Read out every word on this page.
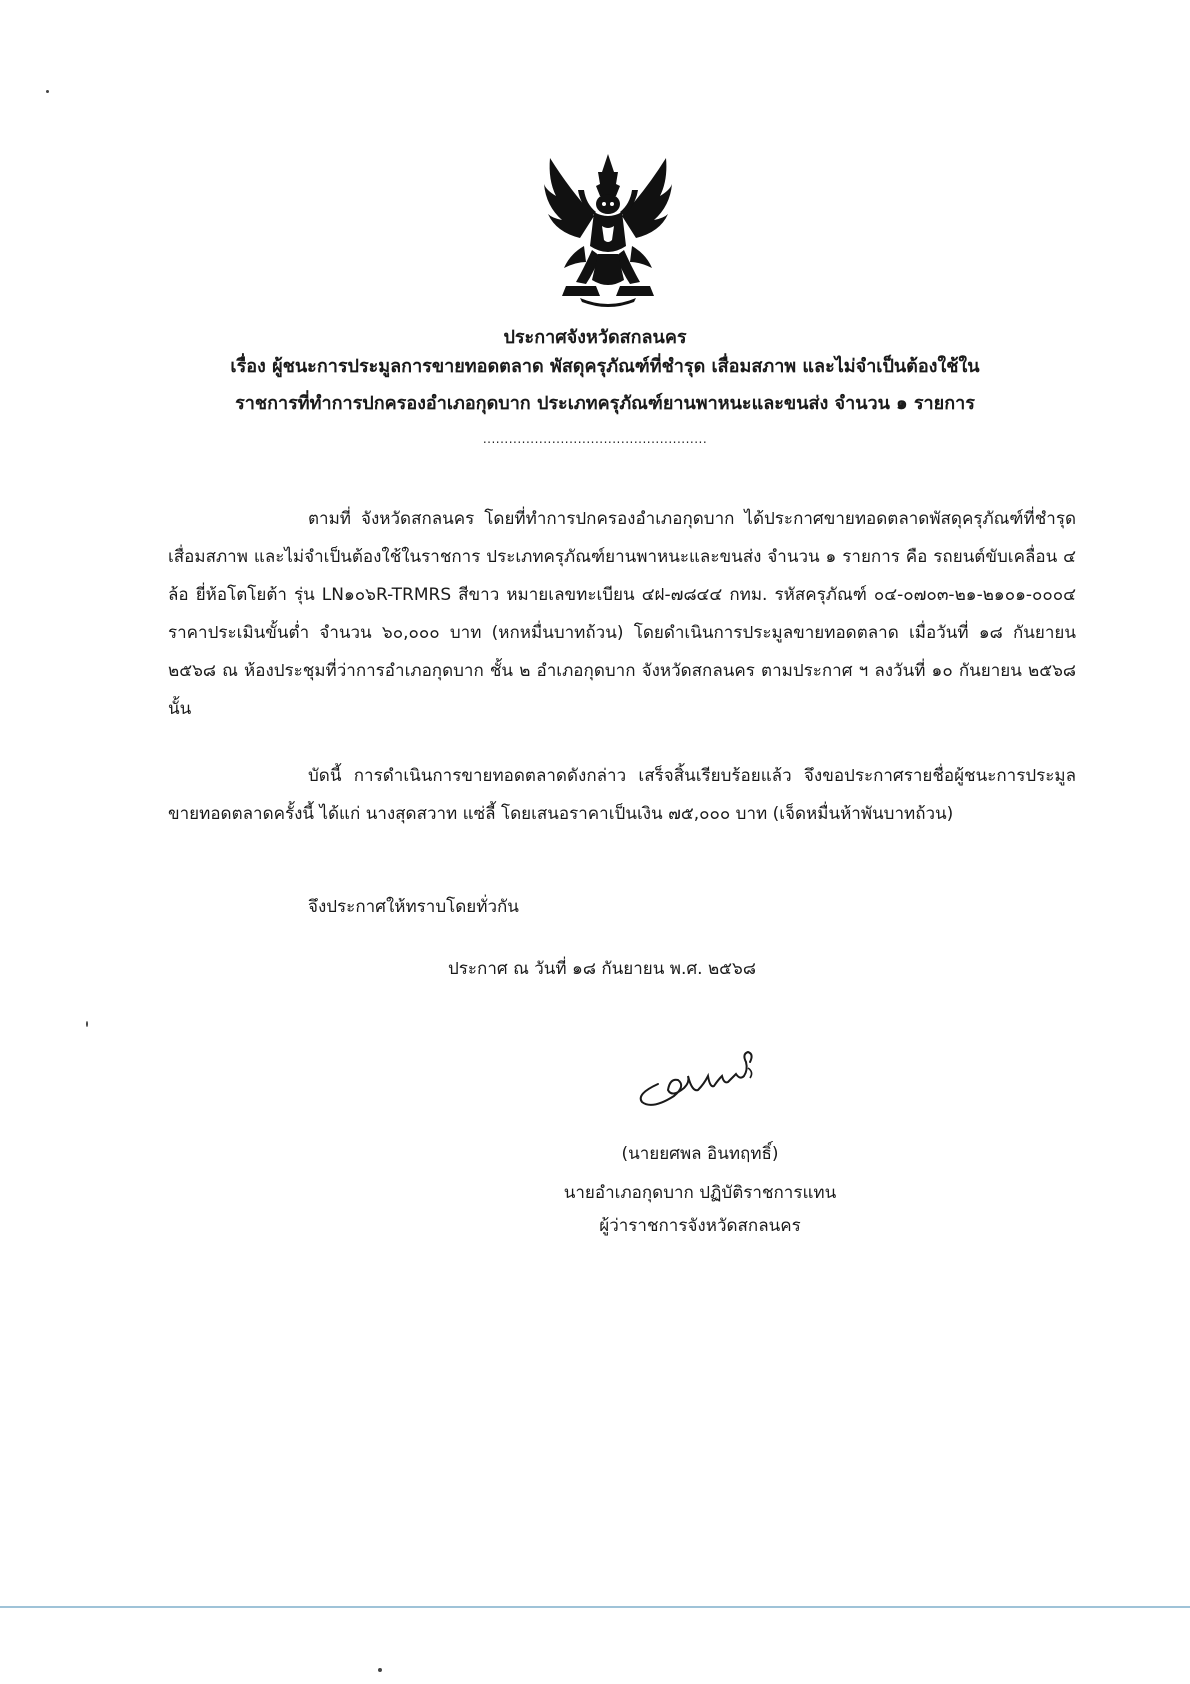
ประกาศจังหวัดสกลนคร
เรื่อง ผู้ชนะการประมูลการขายทอดตลาด พัสดุครุภัณฑ์ที่ชำรุด เสื่อมสภาพ และไม่จำเป็นต้องใช้ใน
ราชการที่ทำการปกครองอำเภอกุดบาก ประเภทครุภัณฑ์ยานพาหนะและขนส่ง จำนวน ๑ รายการ
....................................................
ตามที่ จังหวัดสกลนคร โดยที่ทำการปกครองอำเภอกุดบาก ได้ประกาศขายทอดตลาดพัสดุครุภัณฑ์ที่ชำรุด เสื่อมสภาพ และไม่จำเป็นต้องใช้ในราชการ ประเภทครุภัณฑ์ยานพาหนะและขนส่ง จำนวน ๑ รายการ คือ รถยนต์ขับเคลื่อน ๔ ล้อ ยี่ห้อโตโยต้า รุ่น LN๑๐๖R-TRMRS สีขาว หมายเลขทะเบียน ๔ฝ-๗๘๔๔ กทม. รหัสครุภัณฑ์ ๐๔-๐๗๐๓-๒๑-๒๑๐๑-๐๐๐๔ ราคาประเมินขั้นต่ำ จำนวน ๖๐,๐๐๐ บาท (หกหมื่นบาทถ้วน) โดยดำเนินการประมูลขายทอดตลาด เมื่อวันที่ ๑๘ กันยายน ๒๕๖๘ ณ ห้องประชุมที่ว่าการอำเภอกุดบาก ชั้น ๒ อำเภอกุดบาก จังหวัดสกลนคร ตามประกาศ ฯ ลงวันที่ ๑๐ กันยายน ๒๕๖๘ นั้น
บัดนี้ การดำเนินการขายทอดตลาดดังกล่าว เสร็จสิ้นเรียบร้อยแล้ว จึงขอประกาศรายชื่อผู้ชนะการประมูลขายทอดตลาดครั้งนี้ ได้แก่ นางสุดสวาท แซ่ลี้ โดยเสนอราคาเป็นเงิน ๗๕,๐๐๐ บาท (เจ็ดหมื่นห้าพันบาทถ้วน)
จึงประกาศให้ทราบโดยทั่วกัน
ประกาศ ณ วันที่ ๑๘ กันยายน พ.ศ. ๒๕๖๘
(นายยศพล อินทฤทธิ์)
นายอำเภอกุดบาก ปฏิบัติราชการแทน
ผู้ว่าราชการจังหวัดสกลนคร
